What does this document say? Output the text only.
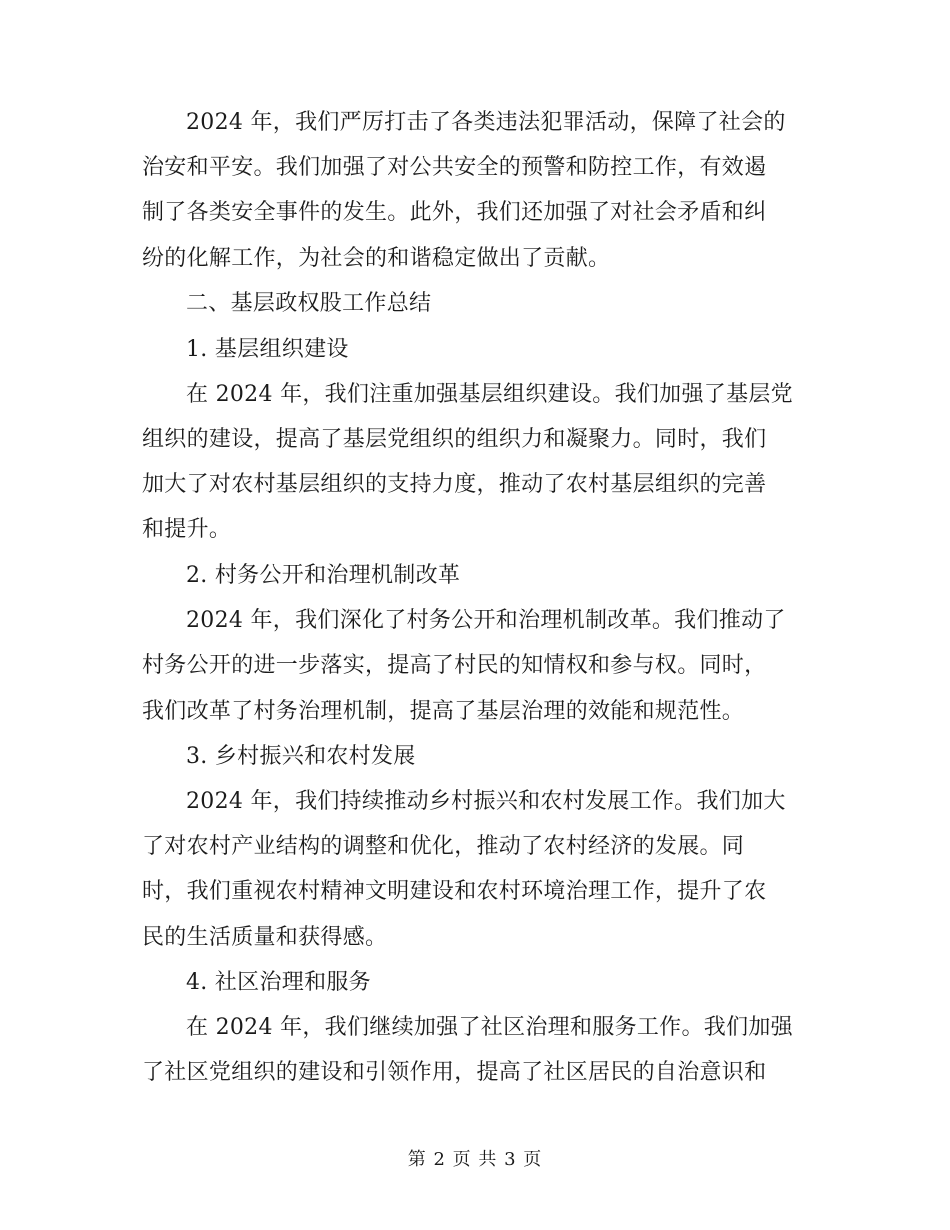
2024 年，我们严厉打击了各类违法犯罪活动，保障了社会的
治安和平安。我们加强了对公共安全的预警和防控工作，有效遏
制了各类安全事件的发生。此外，我们还加强了对社会矛盾和纠
纷的化解工作，为社会的和谐稳定做出了贡献。
二、基层政权股工作总结
1. 基层组织建设
在 2024 年，我们注重加强基层组织建设。我们加强了基层党
组织的建设，提高了基层党组织的组织力和凝聚力。同时，我们
加大了对农村基层组织的支持力度，推动了农村基层组织的完善
和提升。
2. 村务公开和治理机制改革
2024 年，我们深化了村务公开和治理机制改革。我们推动了
村务公开的进一步落实，提高了村民的知情权和参与权。同时，
我们改革了村务治理机制，提高了基层治理的效能和规范性。
3. 乡村振兴和农村发展
2024 年，我们持续推动乡村振兴和农村发展工作。我们加大
了对农村产业结构的调整和优化，推动了农村经济的发展。同
时，我们重视农村精神文明建设和农村环境治理工作，提升了农
民的生活质量和获得感。
4. 社区治理和服务
在 2024 年，我们继续加强了社区治理和服务工作。我们加强
了社区党组织的建设和引领作用，提高了社区居民的自治意识和
第 2 页 共 3 页
